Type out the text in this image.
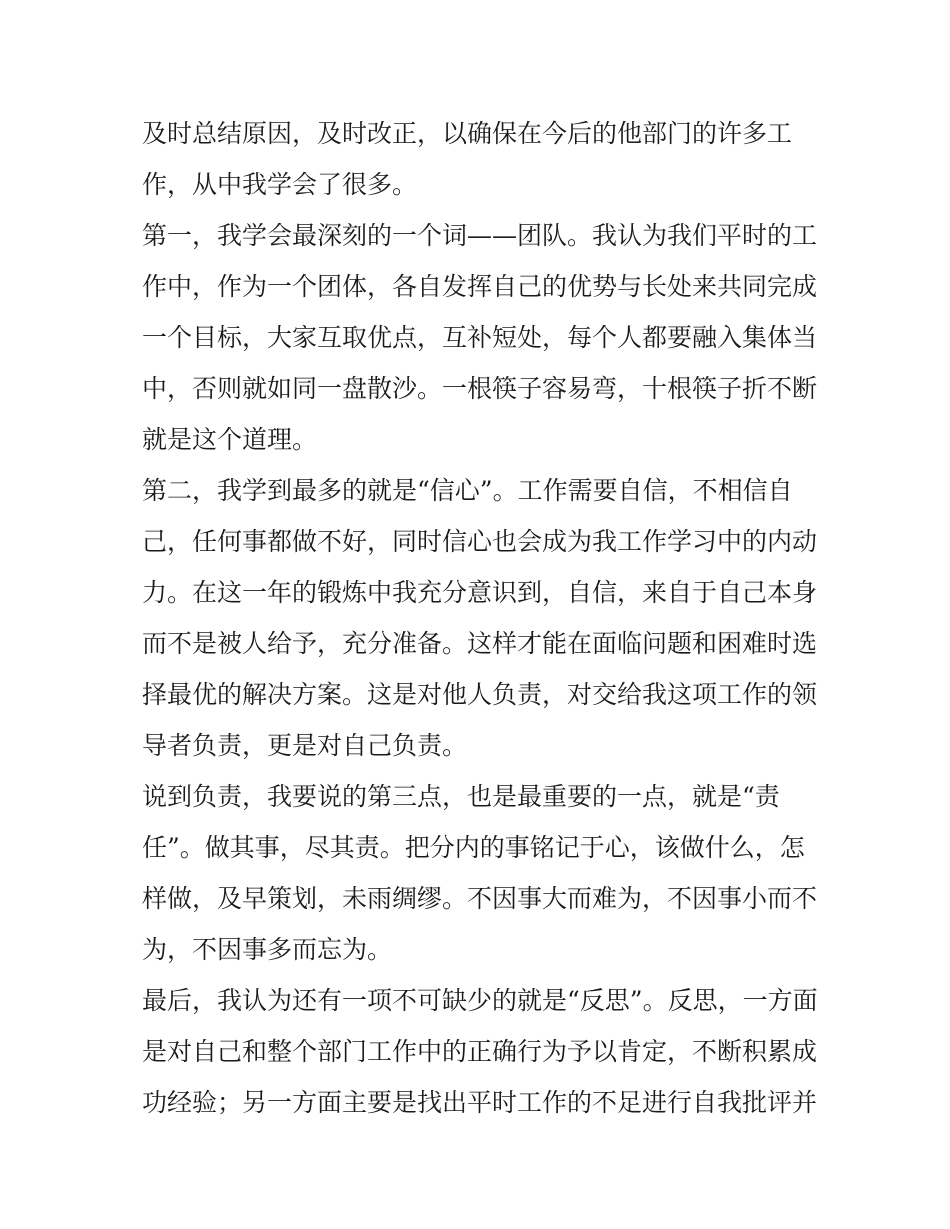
及时总结原因，及时改正，以确保在今后的他部门的许多工
作，从中我学会了很多。
第一，我学会最深刻的一个词——团队。我认为我们平时的工
作中，作为一个团体，各自发挥自己的优势与长处来共同完成
一个目标，大家互取优点，互补短处，每个人都要融入集体当
中，否则就如同一盘散沙。一根筷子容易弯，十根筷子折不断
就是这个道理。
第二，我学到最多的就是“信心”。工作需要自信，不相信自
己，任何事都做不好，同时信心也会成为我工作学习中的内动
力。在这一年的锻炼中我充分意识到，自信，来自于自己本身
而不是被人给予，充分准备。这样才能在面临问题和困难时选
择最优的解决方案。这是对他人负责，对交给我这项工作的领
导者负责，更是对自己负责。
说到负责，我要说的第三点，也是最重要的一点，就是“责
任”。做其事，尽其责。把分内的事铭记于心，该做什么，怎
样做，及早策划，未雨绸缪。不因事大而难为，不因事小而不
为，不因事多而忘为。
最后，我认为还有一项不可缺少的就是“反思”。反思，一方面
是对自己和整个部门工作中的正确行为予以肯定，不断积累成
功经验；另一方面主要是找出平时工作的不足进行自我批评并
